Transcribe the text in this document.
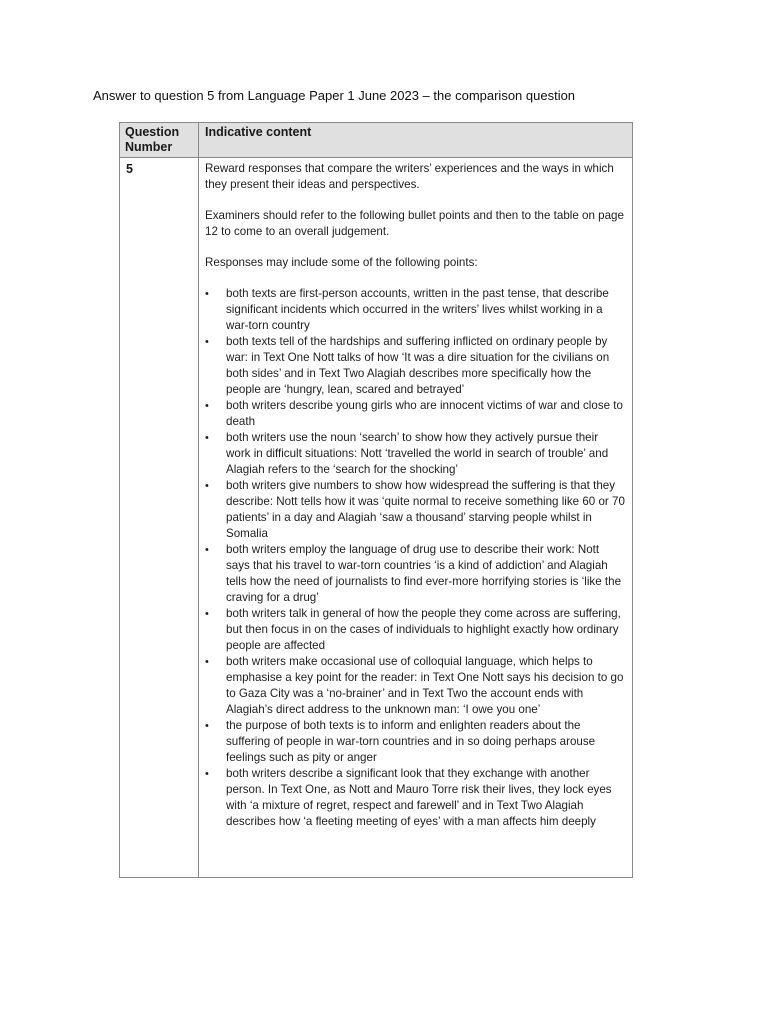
Answer to question 5 from Language Paper 1 June 2023 – the comparison question
Question
Number
Indicative content
5	Reward responses that compare the writers’ experiences and the ways in which they present their ideas and perspectives.

Examiners should refer to the following bullet points and then to the table on page 12 to come to an overall judgement.

Responses may include some of the following points:

• both texts are first-person accounts, written in the past tense, that describe significant incidents which occurred in the writers’ lives whilst working in a war-torn country
• both texts tell of the hardships and suffering inflicted on ordinary people by war: in Text One Nott talks of how ‘It was a dire situation for the civilians on both sides’ and in Text Two Alagiah describes more specifically how the people are ‘hungry, lean, scared and betrayed’
• both writers describe young girls who are innocent victims of war and close to death
• both writers use the noun ‘search’ to show how they actively pursue their work in difficult situations: Nott ‘travelled the world in search of trouble’ and Alagiah refers to the ‘search for the shocking’
• both writers give numbers to show how widespread the suffering is that they describe: Nott tells how it was ‘quite normal to receive something like 60 or 70 patients’ in a day and Alagiah ‘saw a thousand’ starving people whilst in Somalia
• both writers employ the language of drug use to describe their work: Nott says that his travel to war-torn countries ‘is a kind of addiction’ and Alagiah tells how the need of journalists to find ever-more horrifying stories is ‘like the craving for a drug’
• both writers talk in general of how the people they come across are suffering, but then focus in on the cases of individuals to highlight exactly how ordinary people are affected
• both writers make occasional use of colloquial language, which helps to emphasise a key point for the reader: in Text One Nott says his decision to go to Gaza City was a ‘no-brainer’ and in Text Two the account ends with Alagiah’s direct address to the unknown man: ‘I owe you one’
• the purpose of both texts is to inform and enlighten readers about the suffering of people in war-torn countries and in so doing perhaps arouse feelings such as pity or anger
• both writers describe a significant look that they exchange with another person. In Text One, as Nott and Mauro Torre risk their lives, they lock eyes with ‘a mixture of regret, respect and farewell’ and in Text Two Alagiah describes how ‘a fleeting meeting of eyes’ with a man affects him deeply
